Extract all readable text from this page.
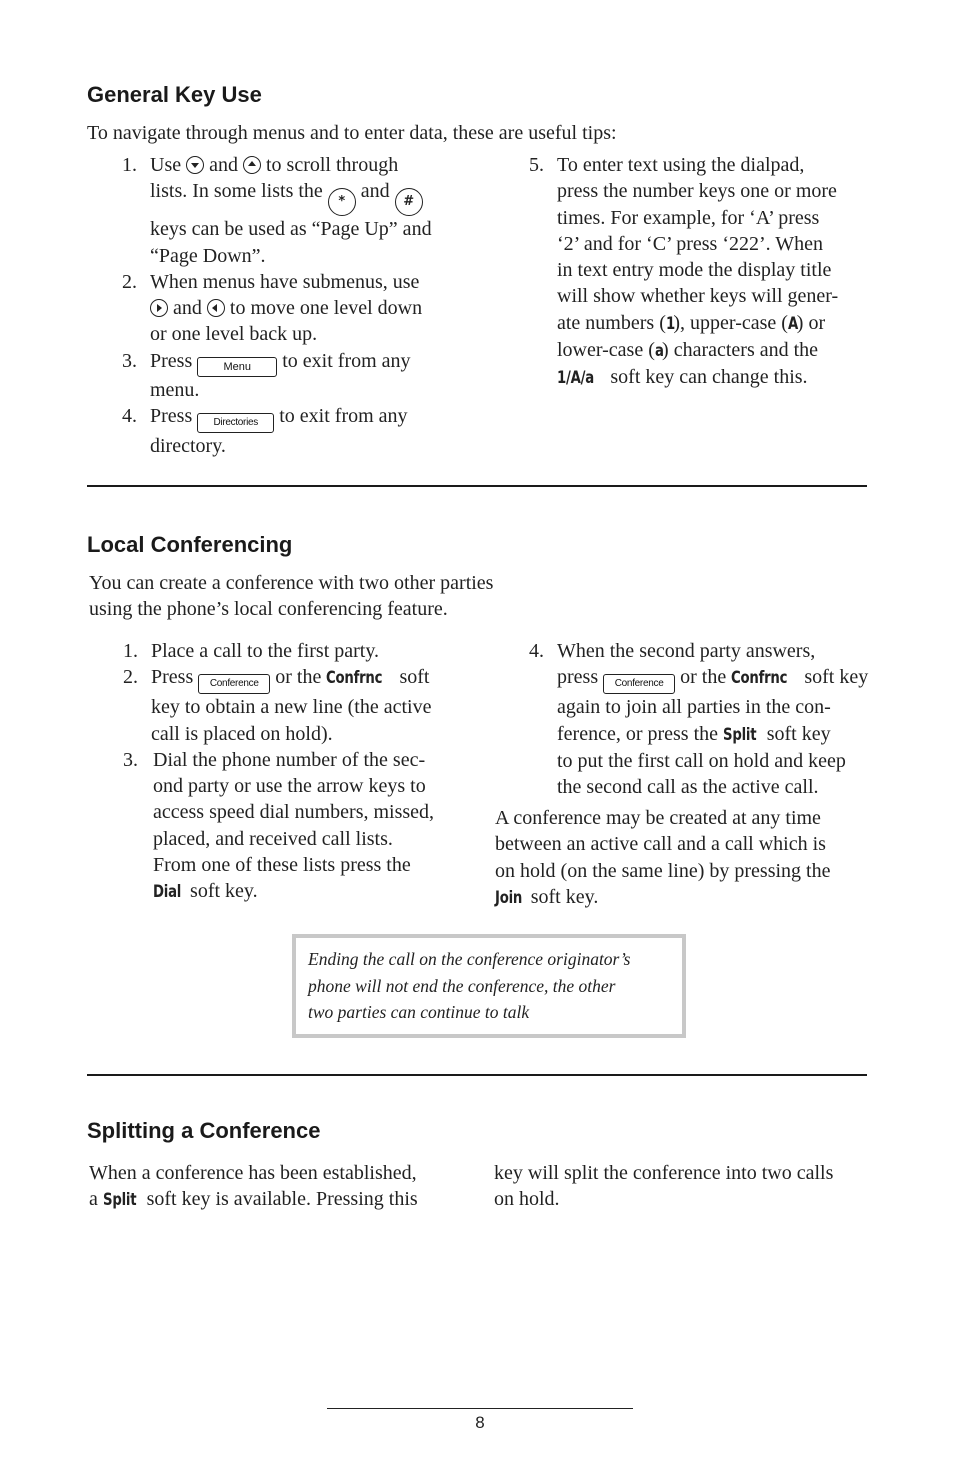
General Key Use
To navigate through menus and to enter data, these are useful tips:
1. Use and to scroll through
lists. In some lists the * and #
keys can be used as “Page Up” and
“Page Down”.
2. When menus have submenus, use
and to move one level down
or one level back up.
3. Press	Menu to exit from any
menu.
4. Press Directories to exit from any
directory.
5. To enter text using the dialpad,
press the number keys one or more
times. For example, for ‘A’ press
‘2’ and for ‘C’ press ‘222’. When
in text entry mode the display title
will show whether keys will gener-
ate numbers (1), upper-case (A) or
lower-case (a) characters and the
1/A/a soft key can change this.
Local Conferencing
You can create a conference with two other parties
using the phone’s local conferencing feature.
1. Place a call to the first party.
2. Press Conference or the Confrnc soft
key to obtain a new line (the active
call is placed on hold).
3. Dial the phone number of the sec-
ond party or use the arrow keys to
access speed dial numbers, missed,
placed, and received call lists.
From one of these lists press the
Dial soft key.
4. When the second party answers,
press Conference or the Confrnc soft key
again to join all parties in the con-
ference, or press the Split soft key
to put the first call on hold and keep
the second call as the active call.
A conference may be created at any time
between an active call and a call which is
on hold (on the same line) by pressing the
Join soft key.
Ending the call on the conference originator’s
phone will not end the conference, the other
two parties can continue to talk
Splitting a Conference
When a conference has been established,
a Split soft key is available. Pressing this
key will split the conference into two calls
on hold.
8
